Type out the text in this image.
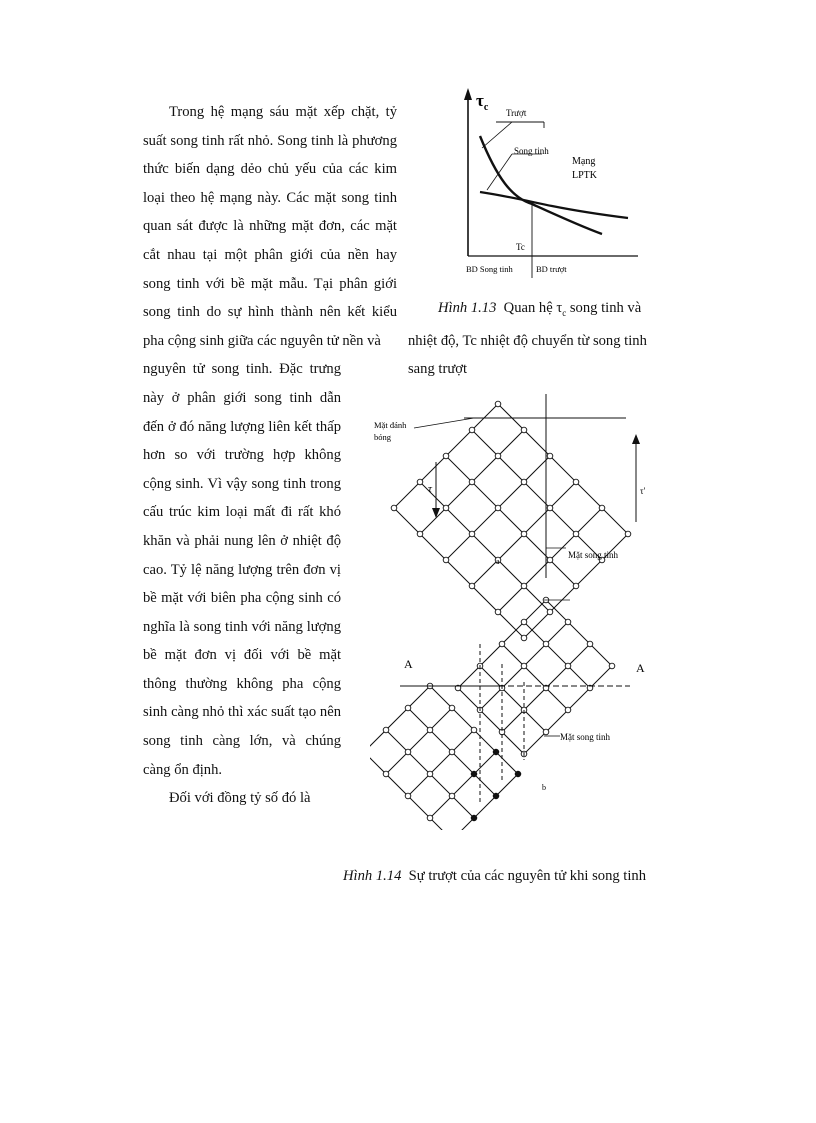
Trong hệ mạng sáu mặt xếp chặt, tỷ suất song tinh rất nhỏ. Song tinh là phương thức biến dạng dẻo chủ yếu của các kim loại theo hệ mạng này. Các mặt song tinh quan sát được là những mặt đơn, các mặt cắt nhau tại một phân giới của nền hay song tinh với bề mặt mẫu. Tại phân giới song tinh do sự hình thành nên kết kiểu pha cộng sinh giữa các nguyên tử nền và

nguyên tử song tinh. Đặc trưng này ở phân giới song tinh dẫn đến ở đó năng lượng liên kết thấp hơn so với trường hợp không cộng sinh. Vì vậy song tinh trong cấu trúc kim loại mất đi rất khó khăn và phải nung lên ở nhiệt độ cao. Tỷ lệ năng lượng trên đơn vị bề mặt với biên pha cộng sinh có nghĩa là song tinh với năng lượng bề mặt đơn vị đối với bề mặt thông thường không pha cộng sinh càng nhỏ thì xác suất tạo nên song tinh càng lớn, và chúng càng ổn định.

Đối với đồng tỷ số đó là

$\tau_c$ Trượt
Song tinh
Mạng
LPTK
Tc
BD Song tinh	BD trượt
Hình 1.13 Quan hệ $\tau_c$ song tinh và nhiệt độ, Tc nhiệt độ chuyển từ song tinh sang trượt
Mặt đánh
bóng
τ	τ'
Mặt song tinh
a
A	A
Mặt song tinh
b
Hình 1.14 Sự trượt của các nguyên tử khi song tinh
